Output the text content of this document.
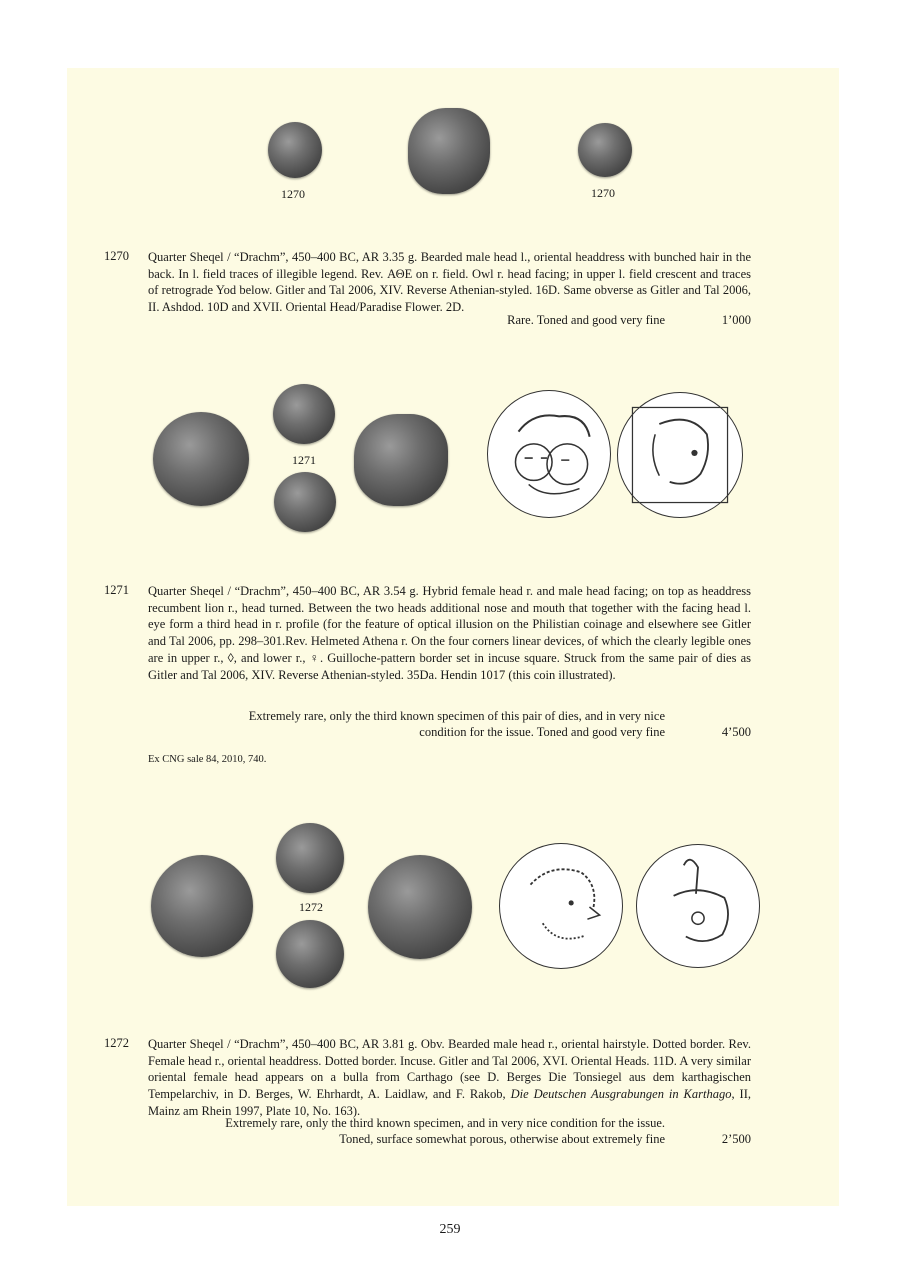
1270	1270
1270 Quarter Sheqel / “Drachm”, 450–400 BC, AR 3.35 g. Bearded male head l., oriental headdress with bunched hair in the back. In l. field traces of illegible legend. Rev. ΑΘΕ on r. field. Owl r. head facing; in upper l. field crescent and traces of retrograde Yod below. Gitler and Tal 2006, XIV. Reverse Athenian-styled. 16D. Same obverse as Gitler and Tal 2006, II. Ashdod. 10D and XVII. Oriental Head/Paradise Flower. 2D.
Rare. Toned and good very fine	1’000
1271
1271 Quarter Sheqel / “Drachm”, 450–400 BC, AR 3.54 g. Hybrid female head r. and male head facing; on top as headdress recumbent lion r., head turned. Between the two heads additional nose and mouth that together with the facing head l. eye form a third head in r. profile (for the feature of optical illusion on the Philistian coinage and elsewhere see Gitler and Tal 2006, pp. 298–301.Rev. Helmeted Athena r. On the four corners linear devices, of which the clearly legible ones are in upper r., ◊, and lower r., ♀. Guilloche-pattern border set in incuse square. Struck from the same pair of dies as Gitler and Tal 2006, XIV. Reverse Athenian-styled. 35Da. Hendin 1017 (this coin illustrated).
Extremely rare, only the third known specimen of this pair of dies, and in very nice
condition for the issue. Toned and good very fine	4’500
Ex CNG sale 84, 2010, 740.
1272
1272 Quarter Sheqel / “Drachm”, 450–400 BC, AR 3.81 g. Obv. Bearded male head r., oriental hairstyle. Dotted border. Rev. Female head r., oriental headdress. Dotted border. Incuse. Gitler and Tal 2006, XVI. Oriental Heads. 11D. A very similar oriental female head appears on a bulla from Carthago (see D. Berges Die Tonsiegel aus dem karthagischen Tempelarchiv, in D. Berges, W. Ehrhardt, A. Laidlaw, and F. Rakob, Die Deutschen Ausgrabungen in Karthago, II, Mainz am Rhein 1997, Plate 10, No. 163).
Extremely rare, only the third known specimen, and in very nice condition for the issue.
Toned, surface somewhat porous, otherwise about extremely fine	2’500
259
